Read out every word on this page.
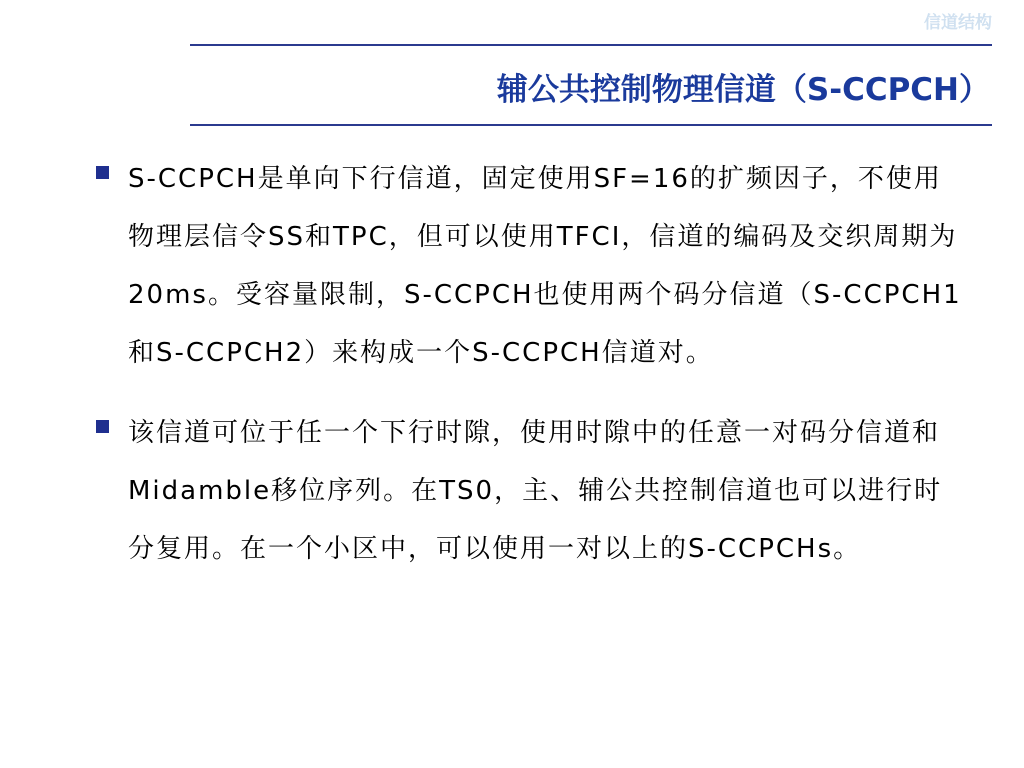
信道结构
辅公共控制物理信道（S-CCPCH）
S-CCPCH是单向下行信道，固定使用SF=16的扩频因子，不使用物理层信令SS和TPC，但可以使用TFCI，信道的编码及交织周期为20ms。受容量限制，S-CCPCH也使用两个码分信道（S-CCPCH1和S-CCPCH2）来构成一个S-CCPCH信道对。
该信道可位于任一个下行时隙，使用时隙中的任意一对码分信道和Midamble移位序列。在TS0，主、辅公共控制信道也可以进行时分复用。在一个小区中，可以使用一对以上的S-CCPCHs。
